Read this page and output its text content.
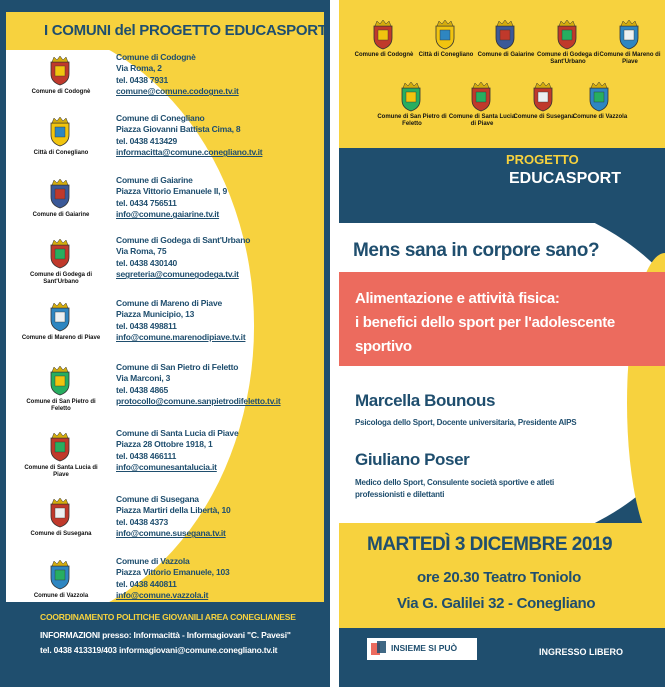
I COMUNI del PROGETTO EDUCASPORT
Comune di Codognè
Comune di Codognè
Via Roma, 2
tel. 0438 7931
comune@comune.codogne.tv.it
Città di Conegliano
Comune di Conegliano
Piazza Giovanni Battista Cima, 8
tel. 0438 413429
informacitta@comune.conegliano.tv.it
Comune di Gaiarine
Comune di Gaiarine
Piazza Vittorio Emanuele II, 9
tel. 0434 756511
info@comune.gaiarine.tv.it
Comune di Godega di Sant'Urbano
Comune di Godega di Sant'Urbano
Via Roma, 75
tel. 0438 430140
segreteria@comunegodega.tv.it
Comune di Mareno di Piave
Comune di Mareno di Piave
Piazza Municipio, 13
tel. 0438 498811
info@comune.marenodipiave.tv.it
Comune di San Pietro di Feletto
Comune di San Pietro di Feletto
Via Marconi, 3
tel. 0438 4865
protocollo@comune.sanpietrodifeletto.tv.it
Comune di Santa Lucia di Piave
Comune di Santa Lucia di Piave
Piazza 28 Ottobre 1918, 1
tel. 0438 466111
info@comunesantalucia.it
Comune di Susegana
Comune di Susegana
Piazza Martiri della Libertà, 10
tel. 0438 4373
info@comune.susegana.tv.it
Comune di Vazzola
Comune di Vazzola
Piazza Vittorio Emanuele, 103
tel. 0438 440811
info@comune.vazzola.it
COORDINAMENTO POLITICHE GIOVANILI AREA CONEGLIANESE
INFORMAZIONI presso: Informacittà - Informagiovani "C. Pavesi"
tel. 0438 413319/403 informagiovani@comune.conegliano.tv.it
Comune di Codognè Città di Conegliano Comune di Gaiarine Comune di Godega di Sant'Urbano
Comune di Mareno di Piave
Comune di San Pietro di Feletto
Comune di Santa Lucia di Piave
Comune di Susegana
Comune di Vazzola
PROGETTO
EDUCASPORT
Mens sana in corpore sano?
Alimentazione e attività fisica:
i benefici dello sport per l'adolescente
sportivo
Marcella Bounous
Psicologa dello Sport, Docente universitaria, Presidente AIPS
Giuliano Poser
Medico dello Sport, Consulente società sportive e atleti
professionisti e dilettanti
MARTEDÌ 3 DICEMBRE 2019
ore 20.30 Teatro Toniolo
Via G. Galilei 32 - Conegliano
INSIEME SI PUÒ	INGRESSO LIBERO
